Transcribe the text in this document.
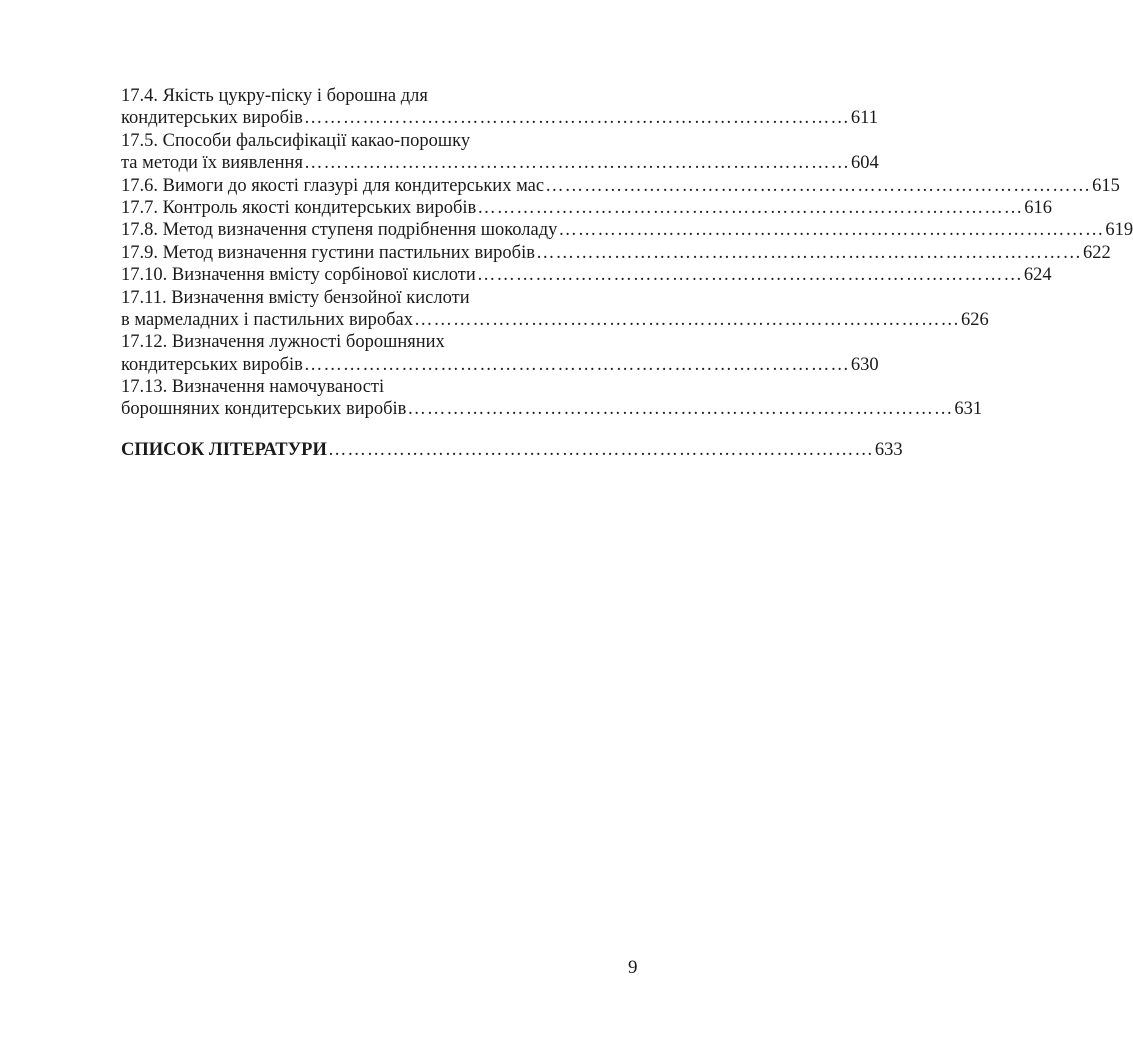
17.4. Якість цукру-піску і борошна для
кондитерських виробів ………………………………………………………………………… 611
17.5. Способи фальсифікації какао-порошку
та методи їх виявлення ………………………………………………………………………… 604
17.6. Вимоги до якості глазурі для кондитерських мас ………………………………………………………………………… 615
17.7. Контроль якості кондитерських виробів ………………………………………………………………………… 616
17.8. Метод визначення ступеня подрібнення шоколаду ………………………………………………………………………… 619
17.9. Метод визначення густини пастильних виробів ………………………………………………………………………… 622
17.10. Визначення вмісту сорбінової кислоти ………………………………………………………………………… 624
17.11. Визначення вмісту бензойної кислоти
в мармеладних і пастильних виробах ………………………………………………………………………… 626
17.12. Визначення лужності борошняних
кондитерських виробів ………………………………………………………………………… 630
17.13. Визначення намочуваності
борошняних кондитерських виробів ………………………………………………………………………… 631
СПИСОК ЛІТЕРАТУРИ ………………………………………………………………………… 633
9
